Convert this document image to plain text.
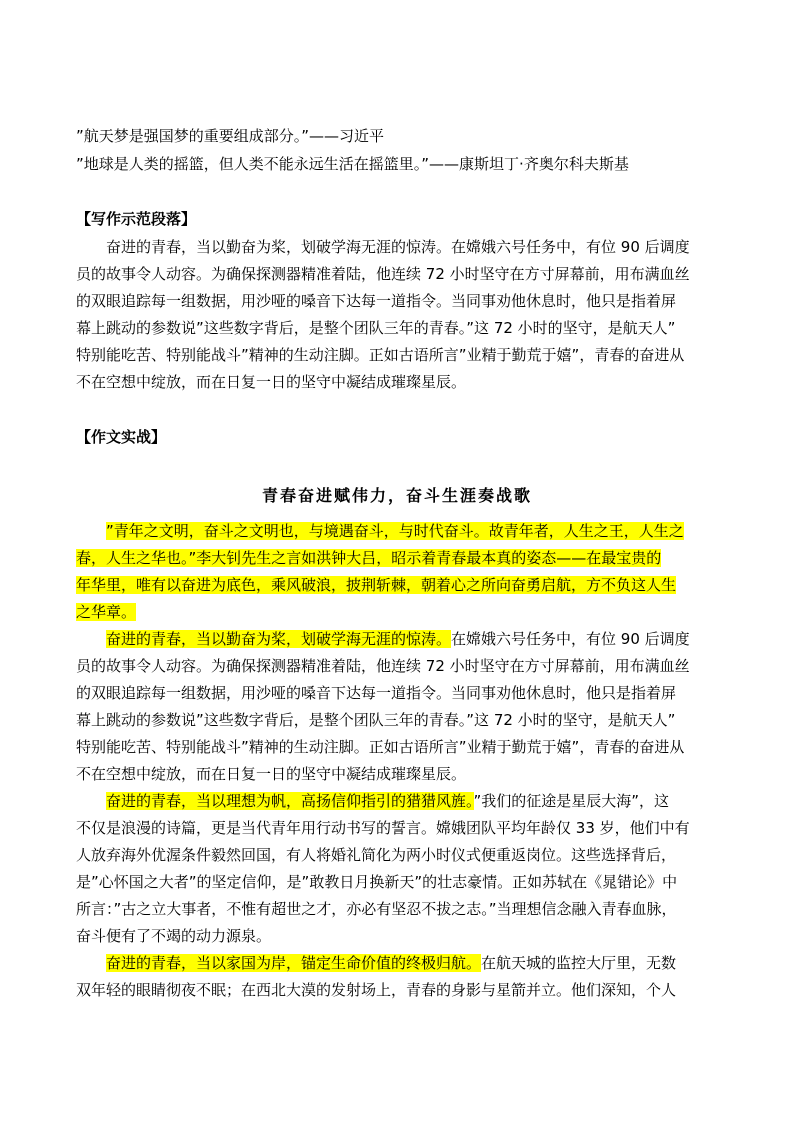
”航天梦是强国梦的重要组成部分。”——习近平
”地球是人类的摇篮，但人类不能永远生活在摇篮里。”——康斯坦丁·齐奥尔科夫斯基
【写作示范段落】
奋进的青春，当以勤奋为桨，划破学海无涯的惊涛。在嫦娥六号任务中，有位 90 后调度
员的故事令人动容。为确保探测器精准着陆，他连续 72 小时坚守在方寸屏幕前，用布满血丝
的双眼追踪每一组数据，用沙哑的嗓音下达每一道指令。当同事劝他休息时，他只是指着屏
幕上跳动的参数说”这些数字背后，是整个团队三年的青春。”这 72 小时的坚守，是航天人”
特别能吃苦、特别能战斗”精神的生动注脚。正如古语所言”业精于勤荒于嬉”，青春的奋进从
不在空想中绽放，而在日复一日的坚守中凝结成璀璨星辰。
【作文实战】
青春奋进赋伟力，奋斗生涯奏战歌
”青年之文明，奋斗之文明也，与境遇奋斗，与时代奋斗。故青年者，人生之王，人生之
春，人生之华也。”李大钊先生之言如洪钟大吕，昭示着青春最本真的姿态——在最宝贵的
年华里，唯有以奋进为底色，乘风破浪，披荆斩棘，朝着心之所向奋勇启航，方不负这人生
之华章。
奋进的青春，当以勤奋为桨，划破学海无涯的惊涛。在嫦娥六号任务中，有位 90 后调度
员的故事令人动容。为确保探测器精准着陆，他连续 72 小时坚守在方寸屏幕前，用布满血丝
的双眼追踪每一组数据，用沙哑的嗓音下达每一道指令。当同事劝他休息时，他只是指着屏
幕上跳动的参数说”这些数字背后，是整个团队三年的青春。”这 72 小时的坚守，是航天人”
特别能吃苦、特别能战斗”精神的生动注脚。正如古语所言”业精于勤荒于嬉”，青春的奋进从
不在空想中绽放，而在日复一日的坚守中凝结成璀璨星辰。
奋进的青春，当以理想为帆，高扬信仰指引的猎猎风旌。”我们的征途是星辰大海”，这
不仅是浪漫的诗篇，更是当代青年用行动书写的誓言。嫦娥团队平均年龄仅 33 岁，他们中有
人放弃海外优渥条件毅然回国，有人将婚礼简化为两小时仪式便重返岗位。这些选择背后，
是”心怀国之大者”的坚定信仰，是”敢教日月换新天”的壮志豪情。正如苏轼在《晁错论》中
所言：”古之立大事者，不惟有超世之才，亦必有坚忍不拔之志。”当理想信念融入青春血脉，
奋斗便有了不竭的动力源泉。
奋进的青春，当以家国为岸，锚定生命价值的终极归航。在航天城的监控大厅里，无数
双年轻的眼睛彻夜不眠；在西北大漠的发射场上，青春的身影与星箭并立。他们深知，个人
